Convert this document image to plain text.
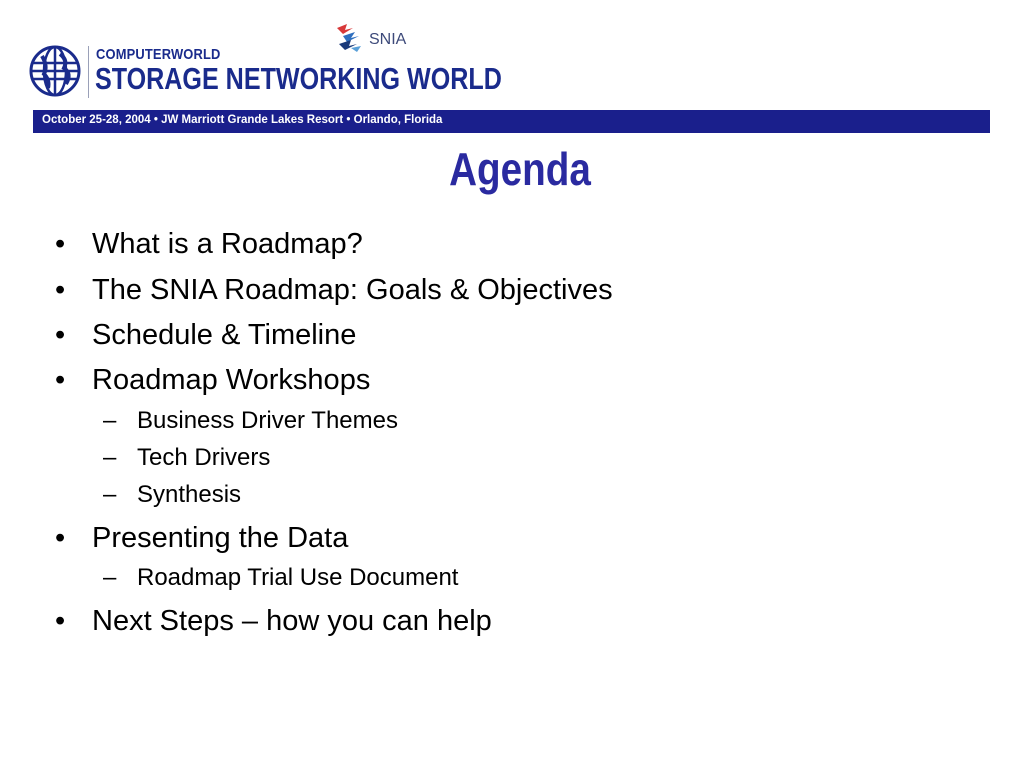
COMPUTERWORLD
STORAGE NETWORKING WORLD
SNIA
October 25-28, 2004 • JW Marriott Grande Lakes Resort • Orlando, Florida
Agenda
• What is a Roadmap?
• The SNIA Roadmap: Goals & Objectives
• Schedule & Timeline
• Roadmap Workshops
– Business Driver Themes
– Tech Drivers
– Synthesis
• Presenting the Data
– Roadmap Trial Use Document
• Next Steps – how you can help
